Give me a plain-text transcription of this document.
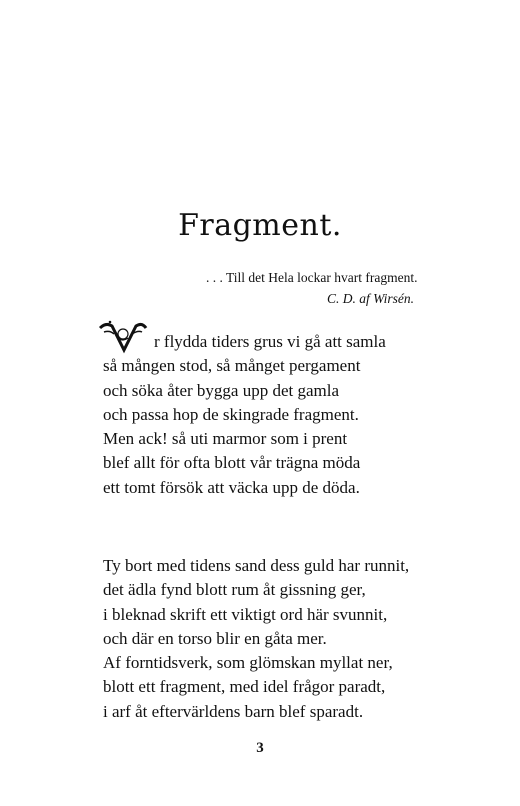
Fragment.
. . . Till det Hela lockar hvart fragment.
C. D. af Wirsén.
r flydda tiders grus vi gå att samla
så mången stod, så månget pergament
och söka åter bygga upp det gamla
och passa hop de skingrade fragment.
Men ack! så uti marmor som i prent
blef allt för ofta blott vår trägna möda
ett tomt försök att väcka upp de döda.
Ty bort med tidens sand dess guld har runnit,
det ädla fynd blott rum åt gissning ger,
i bleknad skrift ett viktigt ord här svunnit,
och där en torso blir en gåta mer.
Af forntidsverk, som glömskan myllat ner,
blott ett fragment, med idel frågor paradt,
i arf åt eftervärldens barn blef sparadt.
3
